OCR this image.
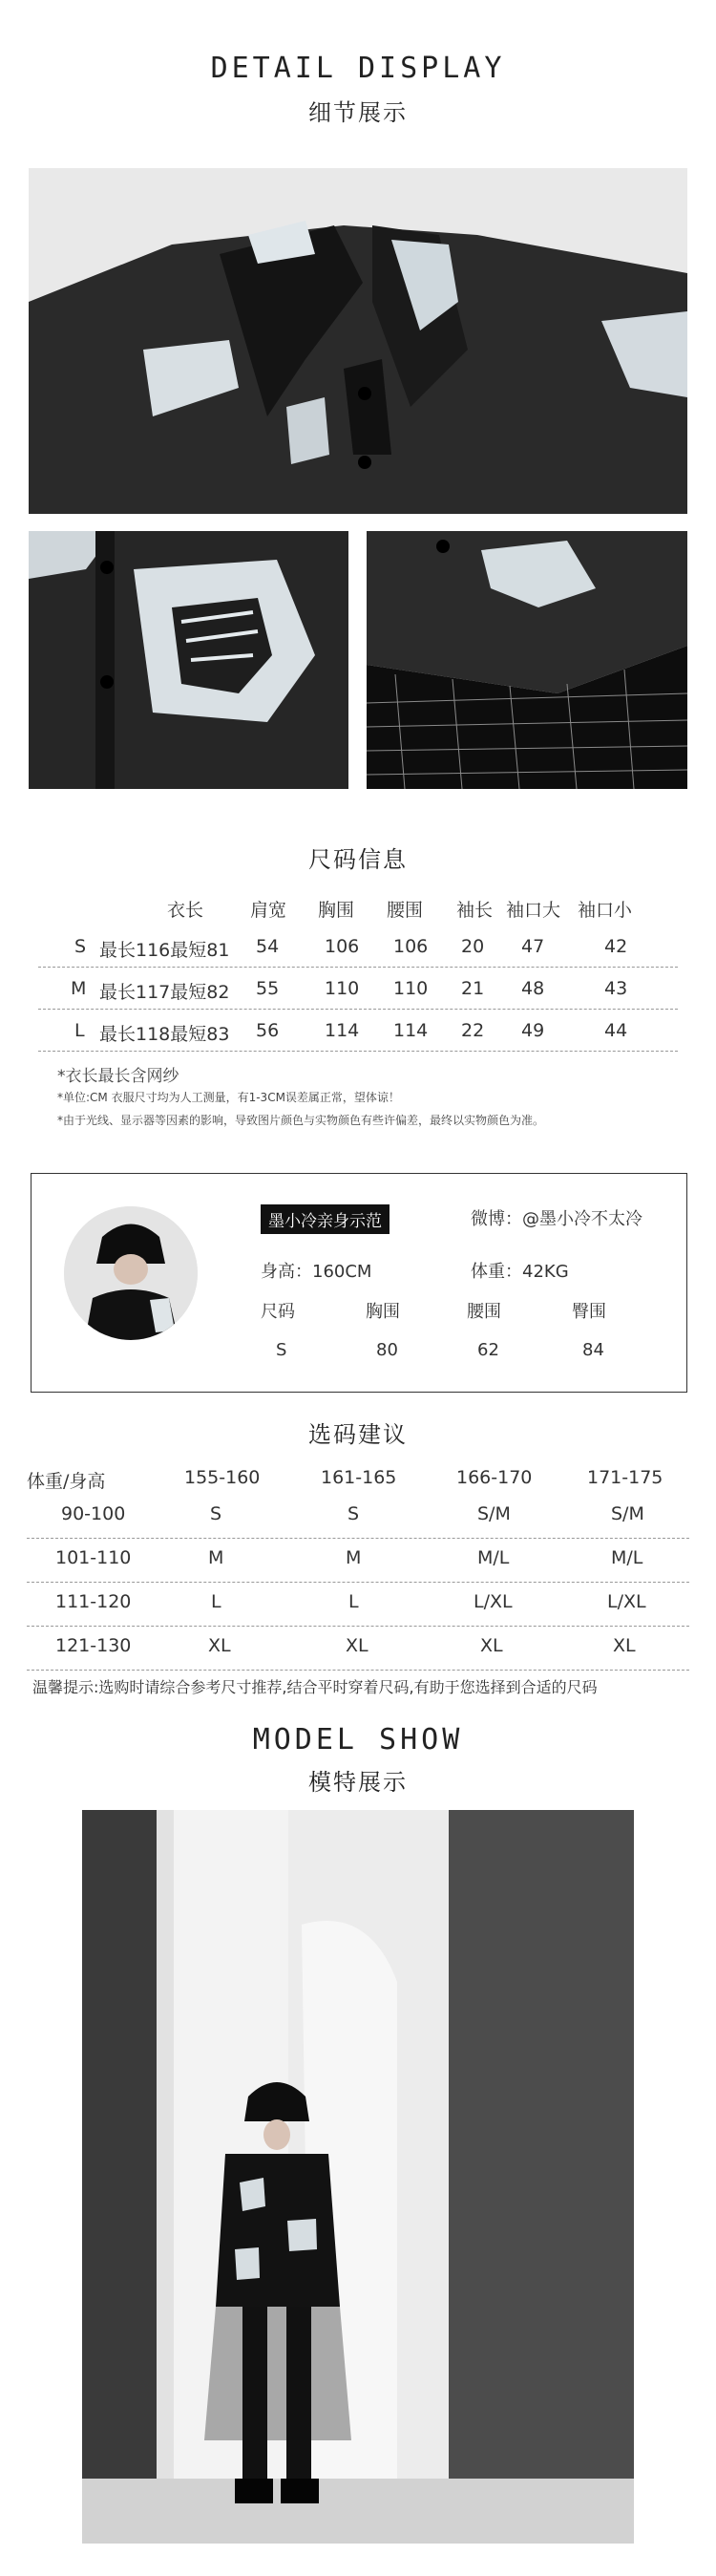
DETAIL DISPLAY
细节展示
尺码信息
衣长	肩宽 胸围 腰围 袖长 袖口大 袖口小
S 最长116最短81 54	106 106 20 47	42
M 最长117最短82 55	110 110 21 48	43
L 最长118最短83 56	114 114 22 49	44
*衣长最长含网纱
*单位:CM 衣服尺寸均为人工测量，有1-3CM误差属正常，望体谅！
*由于光线、显示器等因素的影响，导致图片颜色与实物颜色有些许偏差，最终以实物颜色为准。
墨小冷亲身示范	微博：@墨小冷不太冷
身高：160CM	体重：42KG
尺码	胸围	腰围	臀围
S	80	62	84
选码建议
体重/身高	155-160	161-165	166-170	171-175
90-100	S	S	S/M	S/M
101-110	M	M	M/L	M/L
111-120	L	L	L/XL	L/XL
121-130	XL	XL	XL	XL
温馨提示:选购时请综合参考尺寸推荐,结合平时穿着尺码,有助于您选择到合适的尺码
MODEL SHOW
模特展示
